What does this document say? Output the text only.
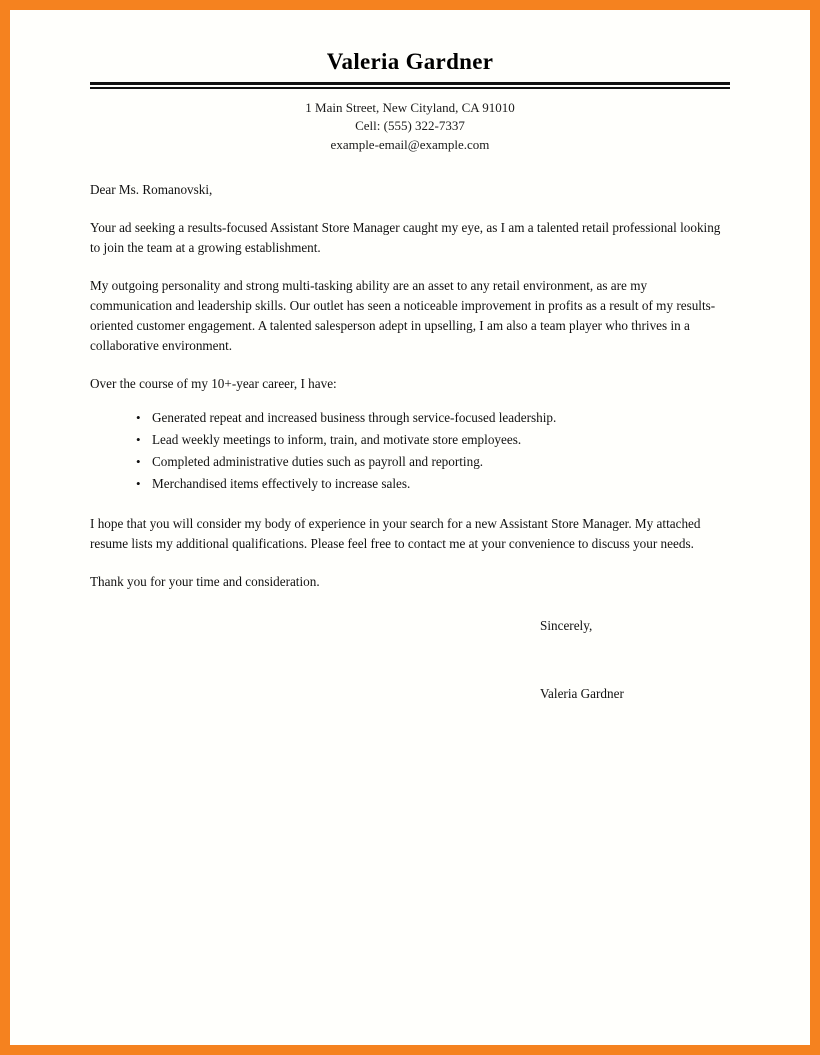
Valeria Gardner
1 Main Street, New Cityland, CA 91010
Cell: (555) 322-7337
example-email@example.com

Dear Ms. Romanovski,

Your ad seeking a results-focused Assistant Store Manager caught my eye, as I am a talented retail professional looking to join the team at a growing establishment.

My outgoing personality and strong multi-tasking ability are an asset to any retail environment, as are my communication and leadership skills. Our outlet has seen a noticeable improvement in profits as a result of my results-oriented customer engagement. A talented salesperson adept in upselling, I am also a team player who thrives in a collaborative environment.

Over the course of my 10+-year career, I have:

• Generated repeat and increased business through service-focused leadership.
• Lead weekly meetings to inform, train, and motivate store employees.
• Completed administrative duties such as payroll and reporting.
• Merchandised items effectively to increase sales.

I hope that you will consider my body of experience in your search for a new Assistant Store Manager. My attached resume lists my additional qualifications. Please feel free to contact me at your convenience to discuss your needs.

Thank you for your time and consideration.

Sincerely,

Valeria Gardner
